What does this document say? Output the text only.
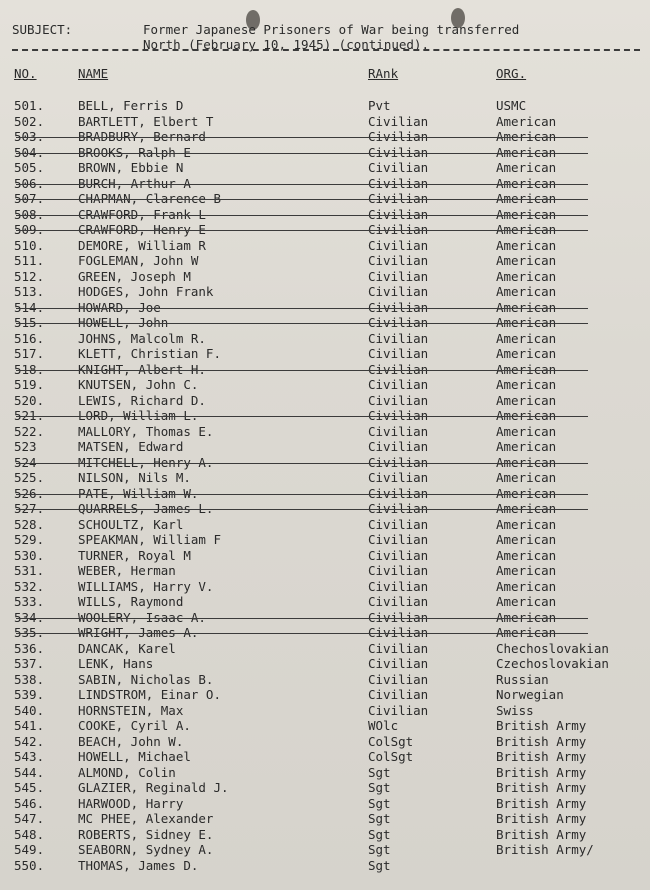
SUBJECT:	Former Japanese Prisoners of War being transferred
North (February 10, 1945) (continued).
NO.	NAME	RAnk	ORG.
501.	BELL, Ferris D	Pvt	USMC
502.	BARTLETT, Elbert T	Civilian	American
503.	BRADBURY, Bernard	Civilian	American
504.	BROOKS, Ralph E	Civilian	American
505.	BROWN, Ebbie N	Civilian	American
506.	BURCH, Arthur A	Civilian	American
507.	CHAPMAN, Clarence B	Civilian	American
508.	CRAWFORD, Frank L	Civilian	American
509.	CRAWFORD, Henry E	Civilian	American
510.	DEMORE, William R	Civilian	American
511.	FOGLEMAN, John W	Civilian	American
512.	GREEN, Joseph M	Civilian	American
513.	HODGES, John Frank	Civilian	American
514.	HOWARD, Joe	Civilian	American
515.	HOWELL, John	Civilian	American
516.	JOHNS, Malcolm R.	Civilian	American
517.	KLETT, Christian F.	Civilian	American
518.	KNIGHT, Albert H.	Civilian	American
519.	KNUTSEN, John C.	Civilian	American
520.	LEWIS, Richard D.	Civilian	American
521.	LORD, William L.	Civilian	American
522.	MALLORY, Thomas E.	Civilian	American
523	MATSEN, Edward	Civilian	American
524	MITCHELL, Henry A.	Civilian	American
525.	NILSON, Nils M.	Civilian	American
526.	PATE, William W.	Civilian	American
527.	QUARRELS, James L.	Civilian	American
528.	SCHOULTZ, Karl	Civilian	American
529.	SPEAKMAN, William F	Civilian	American
530.	TURNER, Royal M	Civilian	American
531.	WEBER, Herman	Civilian	American
532.	WILLIAMS, Harry V.	Civilian	American
533.	WILLS, Raymond	Civilian	American
534.	WOOLERY, Isaac A.	Civilian	American
535.	WRIGHT, James A.	Civilian	American
536.	DANCAK, Karel	Civilian	Chechoslovakian
537.	LENK, Hans	Civilian	Czechoslovakian
538.	SABIN, Nicholas B.	Civilian	Russian
539.	LINDSTROM, Einar O.	Civilian	Norwegian
540.	HORNSTEIN, Max	Civilian	Swiss
541.	COOKE, Cyril A.	WOlc	British Army
542.	BEACH, John W.	ColSgt	British Army
543.	HOWELL, Michael	ColSgt	British Army
544.	ALMOND, Colin	Sgt	British Army
545.	GLAZIER, Reginald J.	Sgt	British Army
546.	HARWOOD, Harry	Sgt	British Army
547.	MC PHEE, Alexander	Sgt	British Army
548.	ROBERTS, Sidney E.	Sgt	British Army
549.	SEABORN, Sydney A.	Sgt	British Army/
550.	THOMAS, James D.	Sgt
